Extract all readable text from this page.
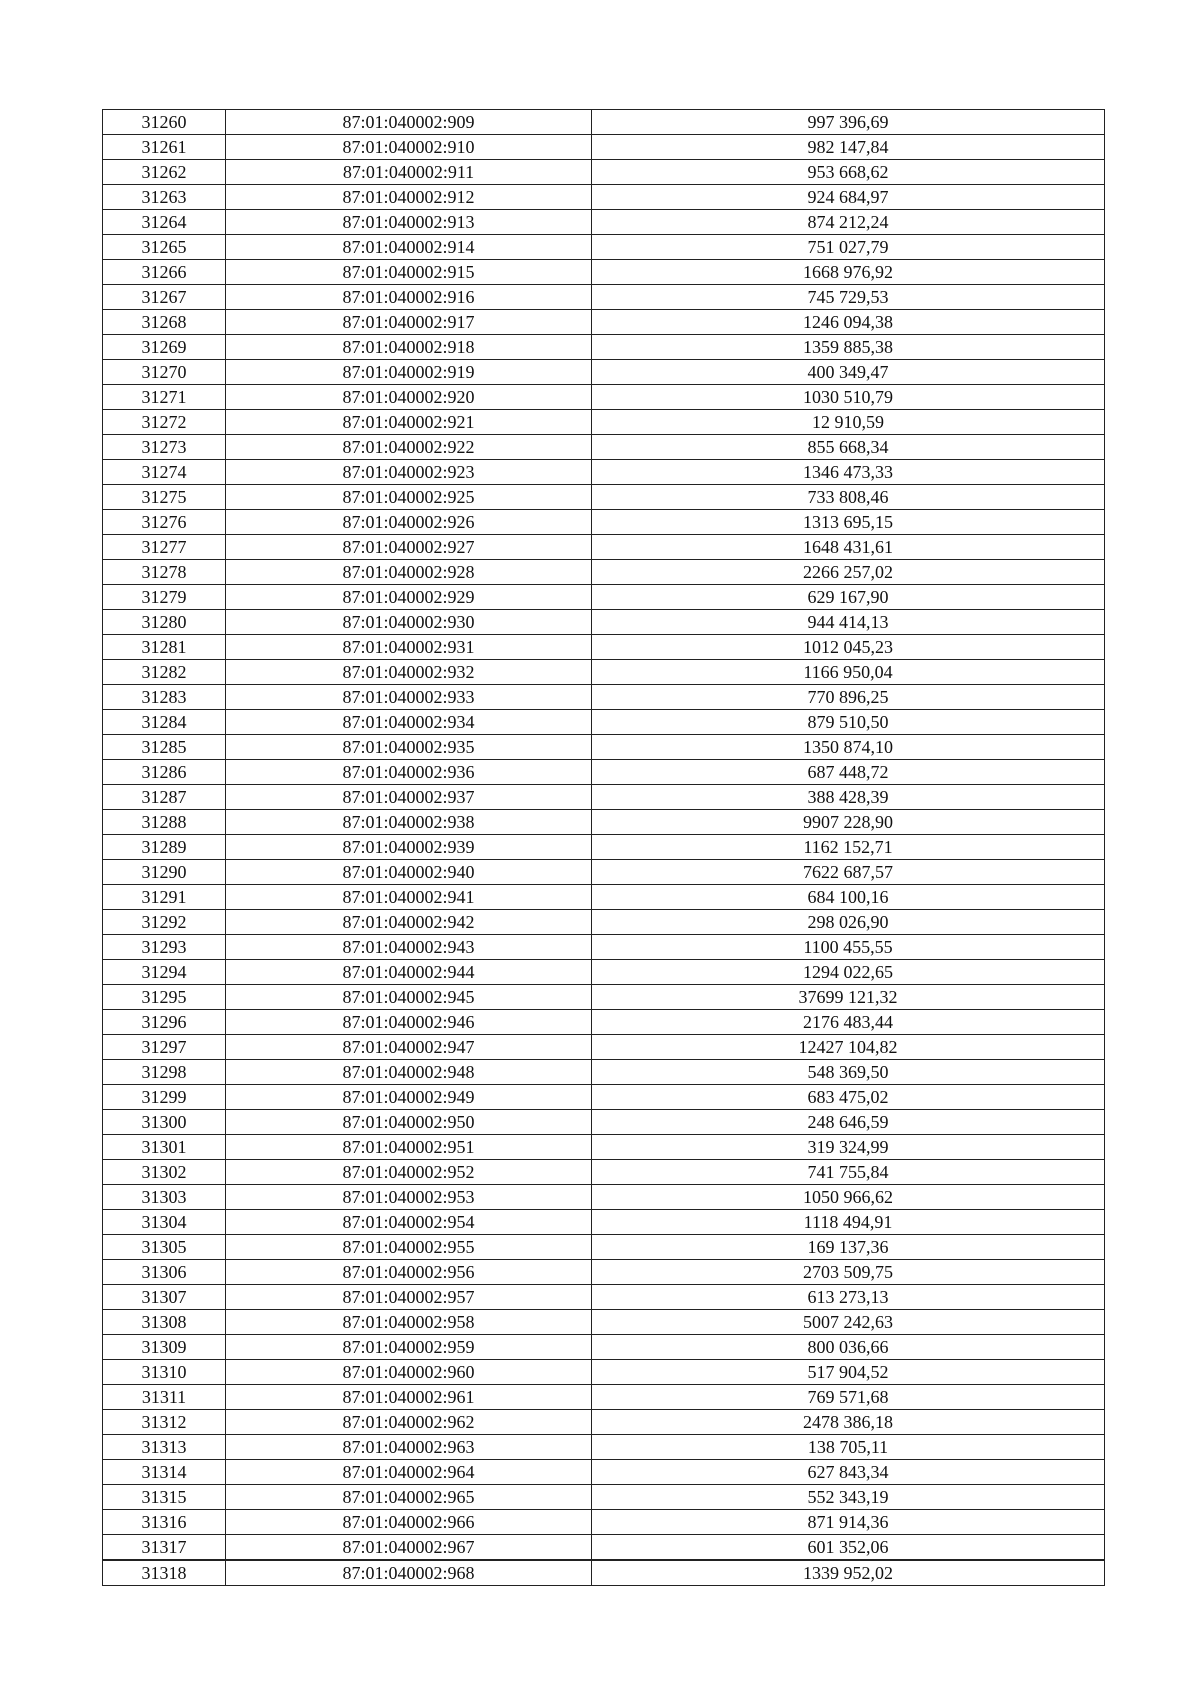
31260	87:01:040002:909	997 396,69
31261	87:01:040002:910	982 147,84
31262	87:01:040002:911	953 668,62
31263	87:01:040002:912	924 684,97
31264	87:01:040002:913	874 212,24
31265	87:01:040002:914	751 027,79
31266	87:01:040002:915	1668 976,92
31267	87:01:040002:916	745 729,53
31268	87:01:040002:917	1246 094,38
31269	87:01:040002:918	1359 885,38
31270	87:01:040002:919	400 349,47
31271	87:01:040002:920	1030 510,79
31272	87:01:040002:921	12 910,59
31273	87:01:040002:922	855 668,34
31274	87:01:040002:923	1346 473,33
31275	87:01:040002:925	733 808,46
31276	87:01:040002:926	1313 695,15
31277	87:01:040002:927	1648 431,61
31278	87:01:040002:928	2266 257,02
31279	87:01:040002:929	629 167,90
31280	87:01:040002:930	944 414,13
31281	87:01:040002:931	1012 045,23
31282	87:01:040002:932	1166 950,04
31283	87:01:040002:933	770 896,25
31284	87:01:040002:934	879 510,50
31285	87:01:040002:935	1350 874,10
31286	87:01:040002:936	687 448,72
31287	87:01:040002:937	388 428,39
31288	87:01:040002:938	9907 228,90
31289	87:01:040002:939	1162 152,71
31290	87:01:040002:940	7622 687,57
31291	87:01:040002:941	684 100,16
31292	87:01:040002:942	298 026,90
31293	87:01:040002:943	1100 455,55
31294	87:01:040002:944	1294 022,65
31295	87:01:040002:945	37699 121,32
31296	87:01:040002:946	2176 483,44
31297	87:01:040002:947	12427 104,82
31298	87:01:040002:948	548 369,50
31299	87:01:040002:949	683 475,02
31300	87:01:040002:950	248 646,59
31301	87:01:040002:951	319 324,99
31302	87:01:040002:952	741 755,84
31303	87:01:040002:953	1050 966,62
31304	87:01:040002:954	1118 494,91
31305	87:01:040002:955	169 137,36
31306	87:01:040002:956	2703 509,75
31307	87:01:040002:957	613 273,13
31308	87:01:040002:958	5007 242,63
31309	87:01:040002:959	800 036,66
31310	87:01:040002:960	517 904,52
31311	87:01:040002:961	769 571,68
31312	87:01:040002:962	2478 386,18
31313	87:01:040002:963	138 705,11
31314	87:01:040002:964	627 843,34
31315	87:01:040002:965	552 343,19
31316	87:01:040002:966	871 914,36
31317	87:01:040002:967	601 352,06
31318	87:01:040002:968	1339 952,02
